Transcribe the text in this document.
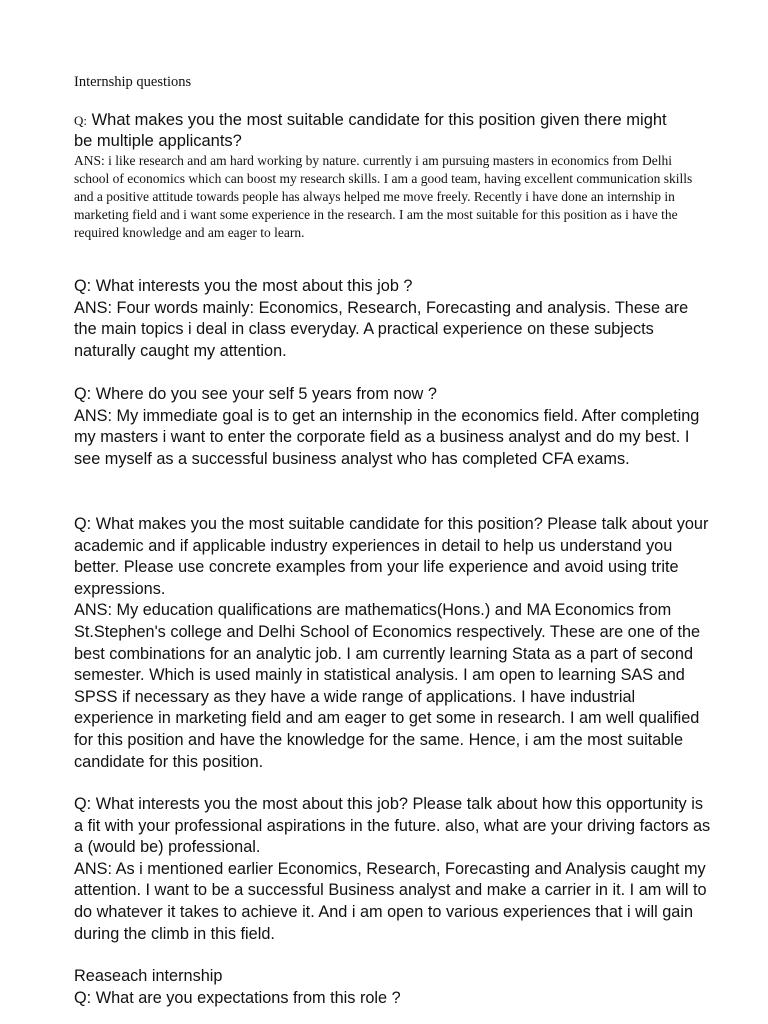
Internship questions

Q: What makes you the most suitable candidate for this position given there might be multiple applicants?

ANS: i like research and am hard working by nature. currently i am pursuing masters in economics from Delhi school of economics which can boost my research skills. I am a good team, having excellent communication skills and a positive attitude towards people has always helped me move freely. Recently i have done an internship in marketing field and i want some experience in the research. I am the most suitable for this position as i have the required knowledge and am eager to learn.

Q: What interests you the most about this job ?

ANS: Four words mainly: Economics, Research, Forecasting and analysis. These are the main topics i deal in class everyday. A practical experience on these subjects naturally caught my attention.

Q: Where do you see your self 5 years from now ?

ANS: My immediate goal is to get an internship in the economics field. After completing my masters i want to enter the corporate field as a business analyst and do my best. I see myself as a successful business analyst who has completed CFA exams.

Q: What makes you the most suitable candidate for this position? Please talk about your academic and if applicable industry experiences in detail to help us understand you better. Please use concrete examples from your life experience and avoid using trite expressions.

ANS: My education qualifications are mathematics(Hons.) and MA Economics from St.Stephen's college and Delhi School of Economics respectively. These are one of the best combinations for an analytic job. I am currently learning Stata as a part of second semester. Which is used mainly in statistical analysis. I am open to learning SAS and SPSS if necessary as they have a wide range of applications. I have industrial experience in marketing field and am eager to get some in research. I am well qualified for this position and have the knowledge for the same. Hence, i am the most suitable candidate for this position.

Q: What interests you the most about this job? Please talk about how this opportunity is a fit with your professional aspirations in the future. also, what are your driving factors as a (would be) professional.

ANS: As i mentioned earlier Economics, Research, Forecasting and Analysis caught my attention. I want to be a successful Business analyst and make a carrier in it. I am will to do whatever it takes to achieve it. And i am open to various experiences that i will gain during the climb in this field.

Reaseach internship

Q: What are you expectations from this role ?
